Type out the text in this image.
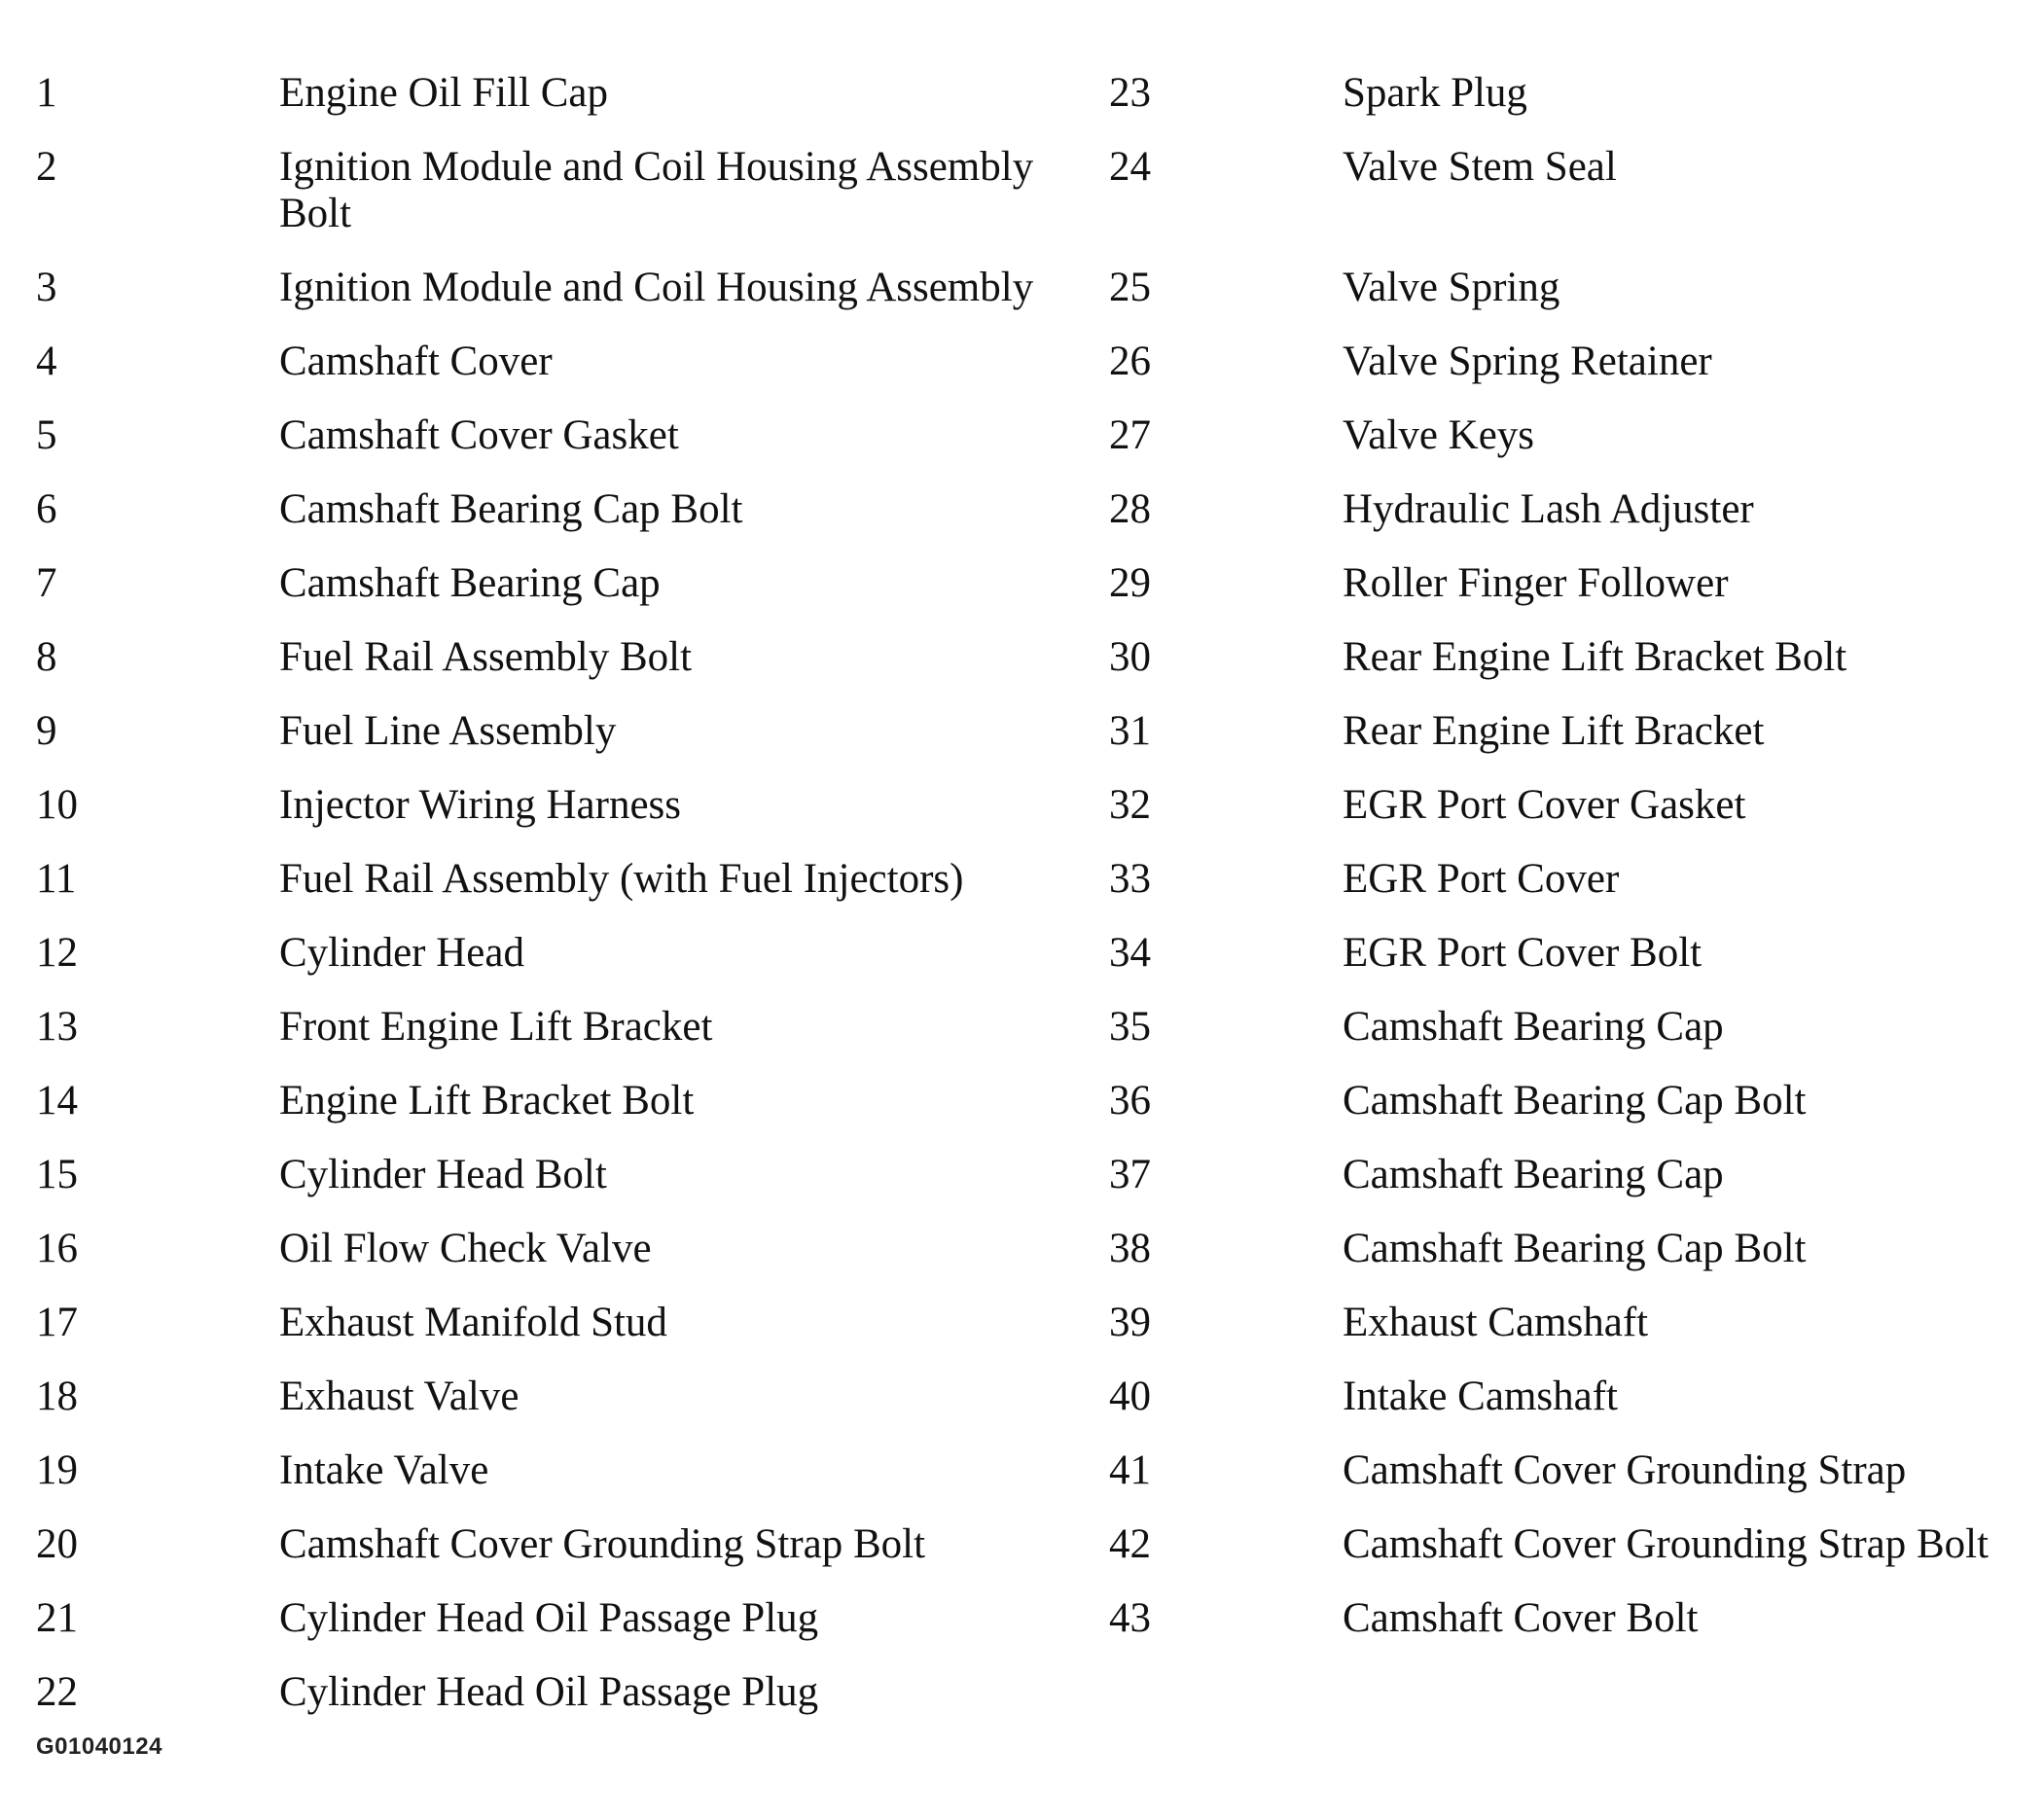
1	Engine Oil Fill Cap
2	Ignition Module and Coil Housing Assembly Bolt
3	Ignition Module and Coil Housing Assembly
4	Camshaft Cover
5	Camshaft Cover Gasket
6	Camshaft Bearing Cap Bolt
7	Camshaft Bearing Cap
8	Fuel Rail Assembly Bolt
9	Fuel Line Assembly
10	Injector Wiring Harness
11	Fuel Rail Assembly (with Fuel Injectors)
12	Cylinder Head
13	Front Engine Lift Bracket
14	Engine Lift Bracket Bolt
15	Cylinder Head Bolt
16	Oil Flow Check Valve
17	Exhaust Manifold Stud
18	Exhaust Valve
19	Intake Valve
20	Camshaft Cover Grounding Strap Bolt
21	Cylinder Head Oil Passage Plug
22	Cylinder Head Oil Passage Plug
23	Spark Plug
24	Valve Stem Seal
25	Valve Spring
26	Valve Spring Retainer
27	Valve Keys
28	Hydraulic Lash Adjuster
29	Roller Finger Follower
30	Rear Engine Lift Bracket Bolt
31	Rear Engine Lift Bracket
32	EGR Port Cover Gasket
33	EGR Port Cover
34	EGR Port Cover Bolt
35	Camshaft Bearing Cap
36	Camshaft Bearing Cap Bolt
37	Camshaft Bearing Cap
38	Camshaft Bearing Cap Bolt
39	Exhaust Camshaft
40	Intake Camshaft
41	Camshaft Cover Grounding Strap
42	Camshaft Cover Grounding Strap Bolt
43	Camshaft Cover Bolt
G01040124
